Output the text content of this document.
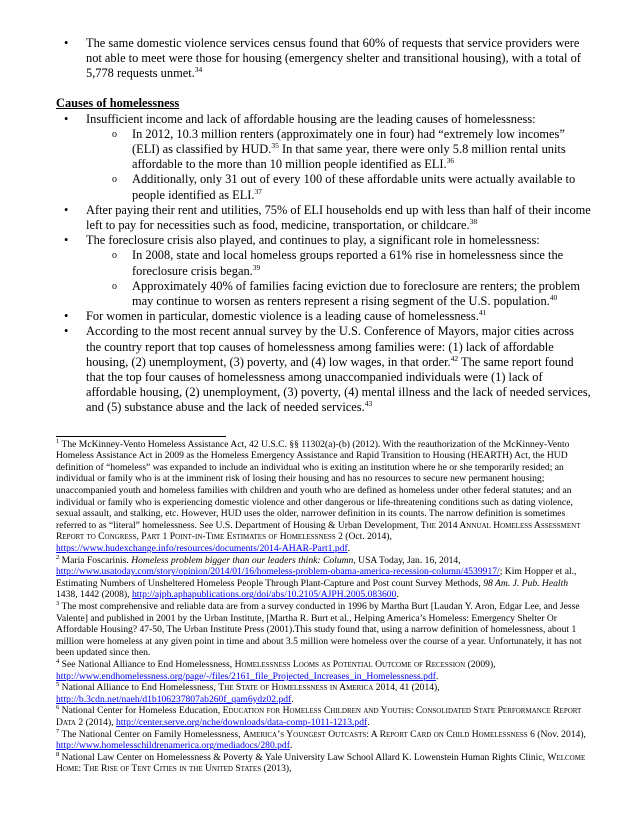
• The same domestic violence services census found that 60% of requests that service providers were not able to meet were those for housing (emergency shelter and transitional housing), with a total of 5,778 requests unmet.$^{34}$

Causes of homelessness

• Insufficient income and lack of affordable housing are the leading causes of homelessness:

o In 2012, 10.3 million renters (approximately one in four) had “extremely low incomes” (ELI) as classified by HUD.$^{35}$ In that same year, there were only 5.8 million rental units affordable to the more than 10 million people identified as ELI.$^{36}$

o Additionally, only 31 out of every 100 of these affordable units were actually available to people identified as ELI.$^{37}$

• After paying their rent and utilities, 75% of ELI households end up with less than half of their income left to pay for necessities such as food, medicine, transportation, or childcare.$^{38}$

• The foreclosure crisis also played, and continues to play, a significant role in homelessness:

o In 2008, state and local homeless groups reported a 61% rise in homelessness since the foreclosure crisis began.$^{39}$

o Approximately 40% of families facing eviction due to foreclosure are renters; the problem may continue to worsen as renters represent a rising segment of the U.S. population.$^{40}$

• For women in particular, domestic violence is a leading cause of homelessness.$^{41}$

• According to the most recent annual survey by the U.S. Conference of Mayors, major cities across the country report that top causes of homelessness among families were: (1) lack of affordable housing, (2) unemployment, (3) poverty, and (4) low wages, in that order.$^{42}$ The same report found that the top four causes of homelessness among unaccompanied individuals were (1) lack of affordable housing, (2) unemployment, (3) poverty, (4) mental illness and the lack of needed services, and (5) substance abuse and the lack of needed services.$^{43}$

$^1$ The McKinney-Vento Homeless Assistance Act, 42 U.S.C. §§ 11302(a)-(b) (2012). With the reauthorization of the McKinney-Vento Homeless Assistance Act in 2009 as the Homeless Emergency Assistance and Rapid Transition to Housing (HEARTH) Act, the HUD definition of “homeless” was expanded to include an individual who is exiting an institution where he or she temporarily resided; an individual or family who is at the imminent risk of losing their housing and has no resources to secure new permanent housing; unaccompanied youth and homeless families with children and youth who are defined as homeless under other federal statutes; and an individual or family who is experiencing domestic violence and other dangerous or life-threatening conditions such as dating violence, sexual assault, and stalking, etc. However, HUD uses the older, narrower definition in its counts. The narrow definition is sometimes referred to as “literal” homelessness. See U.S. Department of Housing & Urban Development, The 2014 Annual Homeless Assessment Report to Congress, Part 1 Point-in-Time Estimates of Homelessness 2 (Oct. 2014), https://www.hudexchange.info/resources/documents/2014-AHAR-Part1.pdf.

$^2$ Maria Foscarinis. Homeless problem bigger than our leaders think: Column, USA Today, Jan. 16, 2014, http://www.usatoday.com/story/opinion/2014/01/16/homeless-problem-obama-america-recession-column/4539917/; Kim Hopper et al., Estimating Numbers of Unsheltered Homeless People Through Plant-Capture and Post count Survey Methods, 98 Am. J. Pub. Health 1438, 1442 (2008), http://ajph.aphapublications.org/doi/abs/10.2105/AJPH.2005.083600.

$^3$ The most comprehensive and reliable data are from a survey conducted in 1996 by Martha Burt [Laudan Y. Aron, Edgar Lee, and Jesse Valente] and published in 2001 by the Urban Institute, [Martha R. Burt et al., Helping America’s Homeless: Emergency Shelter Or Affordable Housing? 47-50, The Urban Institute Press (2001).This study found that, using a narrow definition of homelessness, about 1 million were homeless at any given point in time and about 3.5 million were homeless over the course of a year. Unfortunately, it has not been updated since then.

$^4$ See National Alliance to End Homelessness, Homelessness Looms as Potential Outcome of Recession (2009), http://www.endhomelessness.org/page/-/files/2161_file_Projected_Increases_in_Homelessness.pdf.

$^5$ National Alliance to End Homelessness, The State of Homelessness in America 2014, 41 (2014), http://b.3cdn.net/naeh/d1b106237807ab260f_qam6ydz02.pdf.

$^6$ National Center for Homeless Education, Education for Homeless Children and Youths: Consolidated State Performance Report Data 2 (2014), http://center.serve.org/nche/downloads/data-comp-1011-1213.pdf.

$^7$ The National Center on Family Homelessness, America’s Youngest Outcasts: A Report Card on Child Homelessness 6 (Nov. 2014), http://www.homelesschildrenamerica.org/mediadocs/280.pdf.

$^8$ National Law Center on Homelessness & Poverty & Yale University Law School Allard K. Lowenstein Human Rights Clinic, Welcome Home: The Rise of Tent Cities in the United States (2013),
